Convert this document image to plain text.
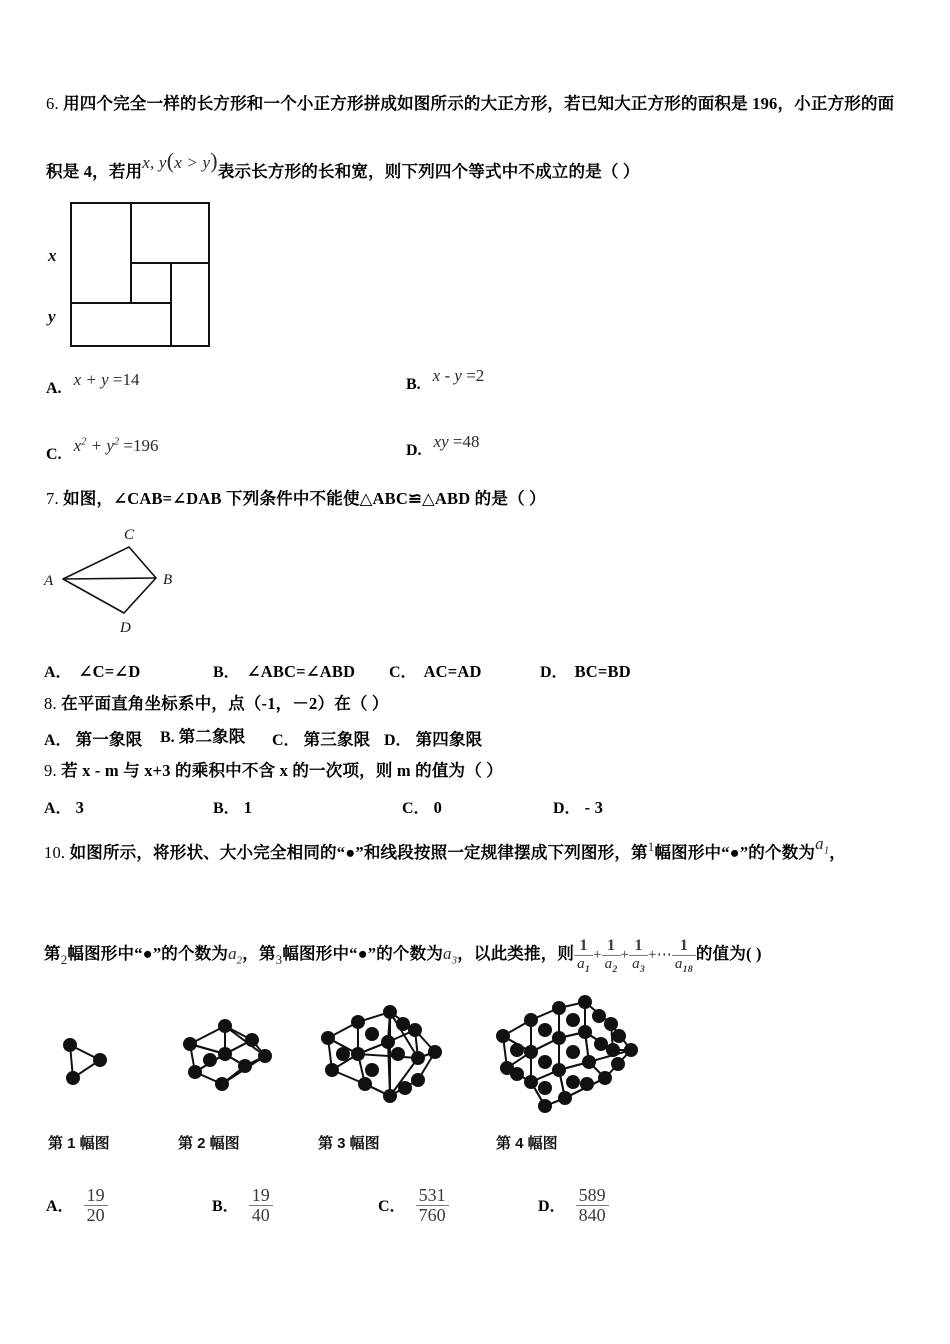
6. 用四个完全一样的长方形和一个小正方形拼成如图所示的大正方形，若已知大正方形的面积是 196，小正方形的面
积是 4，若用x, y(x > y)表示长方形的长和宽，则下列四个等式中不成立的是（ ）
x
y
A. x + y =14	B. x - y =2
C. $x^2 + y^2 =196$	D. xy =48
7. 如图，∠CAB=∠DAB 下列条件中不能使△ABC≌△ABD 的是（ ）
A
C
B
D
A． ∠C=∠D	B． ∠ABC=∠ABD C． AC=AD	D． BC=BD
8. 在平面直角坐标系中，点（-1，－2）在（ ）
A． 第一象限 B. 第二象限 C． 第三象限 D． 第四象限
9. 若 x - m 与 x+3 的乘积中不含 x 的一次项，则 m 的值为（ ）
A． 3	B． 1	C． 0	D． - 3
10. 如图所示，将形状、大小完全相同的“●”和线段按照一定规律摆成下列图形，第$^1$幅图形中“●”的个数为$a_1$，
第$_2$幅图形中“●”的个数为$a_2$，第$_3$幅图形中“●”的个数为$a_3$，以此类推，则 $\frac{1}{a_1} + \frac{1}{a_2} + \frac{1}{a_3}$ +⋯ $\frac{1}{a_{18}}$ 的值为( )
第 1 幅图	第 2 幅图	第 3 幅图	第 4 幅图
A． $\frac{19}{20}$	B． $\frac{19}{40}$	C． $\frac{531}{760}$	D． $\frac{589}{840}$
